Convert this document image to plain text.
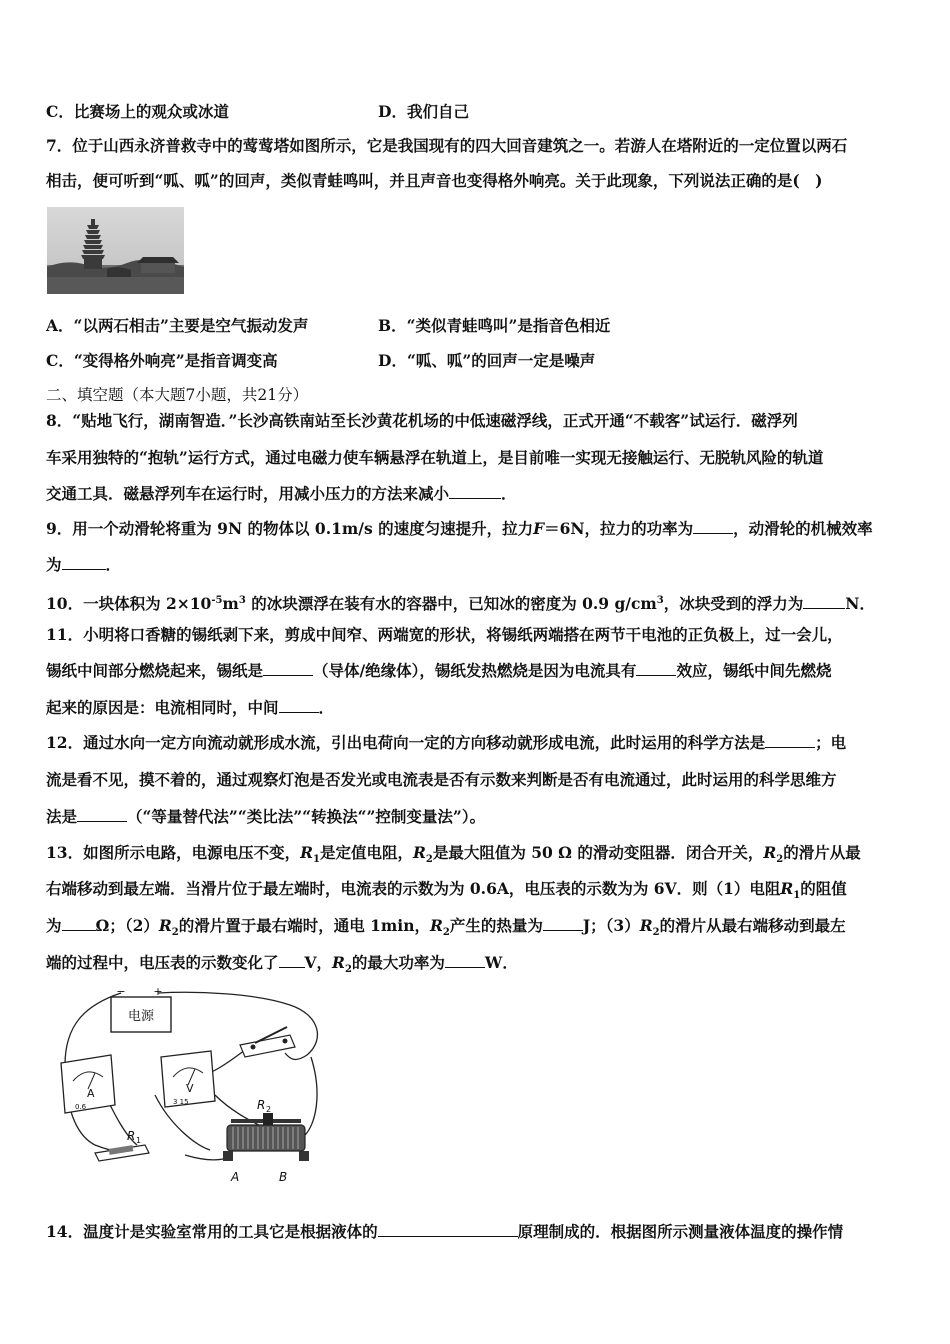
C．比赛场上的观众或冰道	D．我们自己
7．位于山西永济普救寺中的莺莺塔如图所示，它是我国现有的四大回音建筑之一。若游人在塔附近的一定位置以两石
相击，便可听到“呱、呱”的回声，类似青蛙鸣叫，并且声音也变得格外响亮。关于此现象，下列说法正确的是(　)
A．“以两石相击”主要是空气振动发声	B．“类似青蛙鸣叫”是指音色相近
C．“变得格外响亮”是指音调变高	D．“呱、呱”的回声一定是噪声
二、填空题（本大题7小题，共21分）
8．“贴地飞行，湖南智造．”长沙高铁南站至长沙黄花机场的中低速磁浮线，正式开通“不载客”试运行．磁浮列
车采用独特的“抱轨”运行方式，通过电磁力使车辆悬浮在轨道上，是目前唯一实现无接触运行、无脱轨风险的轨道
交通工具．磁悬浮列车在运行时，用减小压力的方法来减小	．
9．用一个动滑轮将重为 9N 的物体以 0.1m/s 的速度匀速提升，拉力F＝6N，拉力的功率为	，动滑轮的机械效率
为	．
10．一块体积为 $2\times 10^{-5}m^3$ 的冰块漂浮在装有水的容器中，已知冰的密度为 0.9 $g/cm^3$，冰块受到的浮力为	N．
11．小明将口香糖的锡纸剥下来，剪成中间窄、两端宽的形状，将锡纸两端搭在两节干电池的正负极上，过一会儿，
锡纸中间部分燃烧起来，锡纸是	（导体/绝缘体），锡纸发热燃烧是因为电流具有	效应，锡纸中间先燃烧
起来的原因是：电流相同时，中间	．
12．通过水向一定方向流动就形成水流，引出电荷向一定的方向移动就形成电流，此时运用的科学方法是	；电
流是看不见，摸不着的，通过观察灯泡是否发光或电流表是否有示数来判断是否有电流通过，此时运用的科学思维方
法是	（“等量替代法”“类比法”“转换法“”控制变量法”）。
13．如图所示电路，电源电压不变，$R_1$是定值电阻，$R_2$是最大阻值为 50 Ω 的滑动变阻器．闭合开关，$R_2$的滑片从最
右端移动到最左端．当滑片位于最左端时，电流表的示数为为 0.6A，电压表的示数为为 6V．则（1）电阻$R_1$的阻值
为 Ω；$(2)R_2$的滑片置于最右端时，通电 1min，$R_2$产生的热量为	J；$(3)R_2$的滑片从最右端移动到最左
端的过程中，电压表的示数变化了 V，$R_2$的最大功率为	W．
电源
−	+
A
0.6
V
3 15
R 1
R 2
A	B
14．温度计是实验室常用的工具它是根据液体的	原理制成的．根据图所示测量液体温度的操作情
